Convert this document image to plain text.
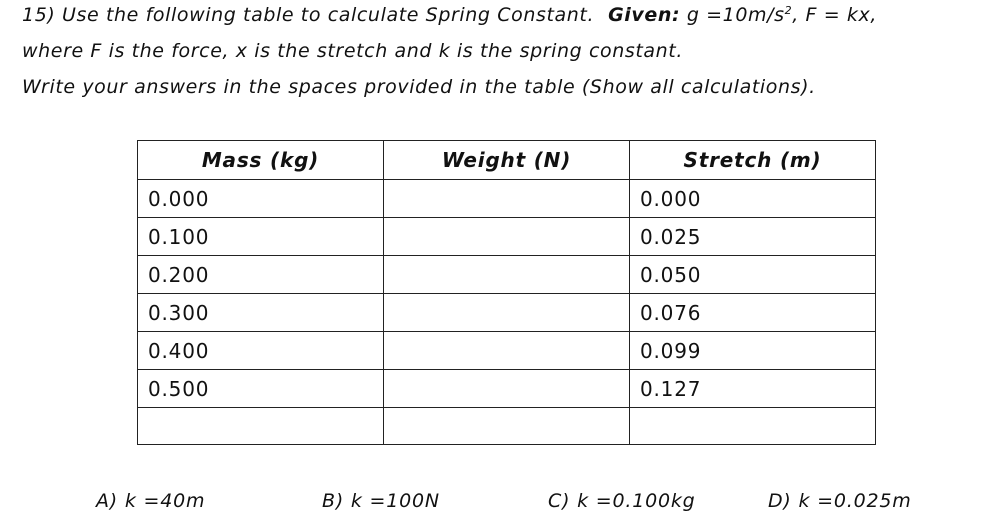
15) Use the following table to calculate Spring Constant. Given: $g =10m/s^2$, F = kx,
where F is the force, x is the stretch and k is the spring constant.
Write your answers in the spaces provided in the table (Show all calculations).
Mass (kg)	Weight (N)	Stretch (m)
0.000		0.000
0.100		0.025
0.200		0.050
0.300		0.076
0.400		0.099
0.500		0.127

A) k =40m	B) k =100N	C) k =0.100kg	D) k =0.025m
